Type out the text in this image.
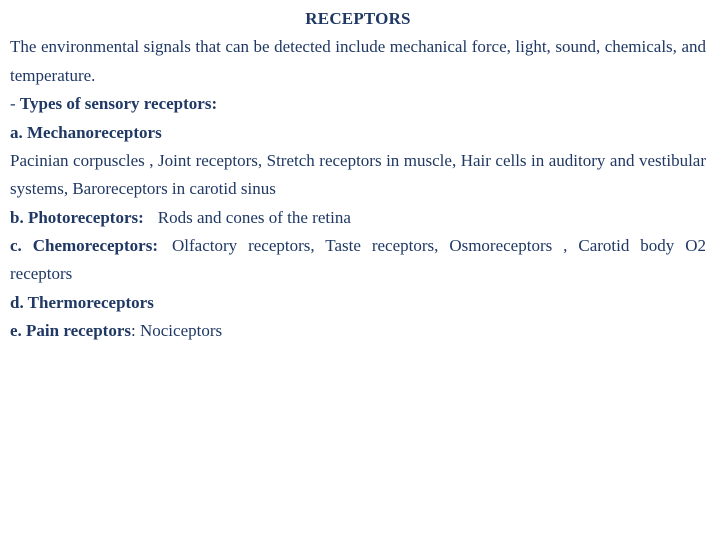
RECEPTORS

The environmental signals that can be detected include mechanical force, light, sound, chemicals, and temperature.

- Types of sensory receptors:

a. Mechanoreceptors

Pacinian corpuscles , Joint receptors, Stretch receptors in muscle, Hair cells in auditory and vestibular systems, Baroreceptors in carotid sinus

b. Photoreceptors: Rods and cones of the retina

c. Chemoreceptors: Olfactory receptors, Taste receptors, Osmoreceptors , Carotid body O2 receptors

d. Thermoreceptors

e. Pain receptors: Nociceptors
